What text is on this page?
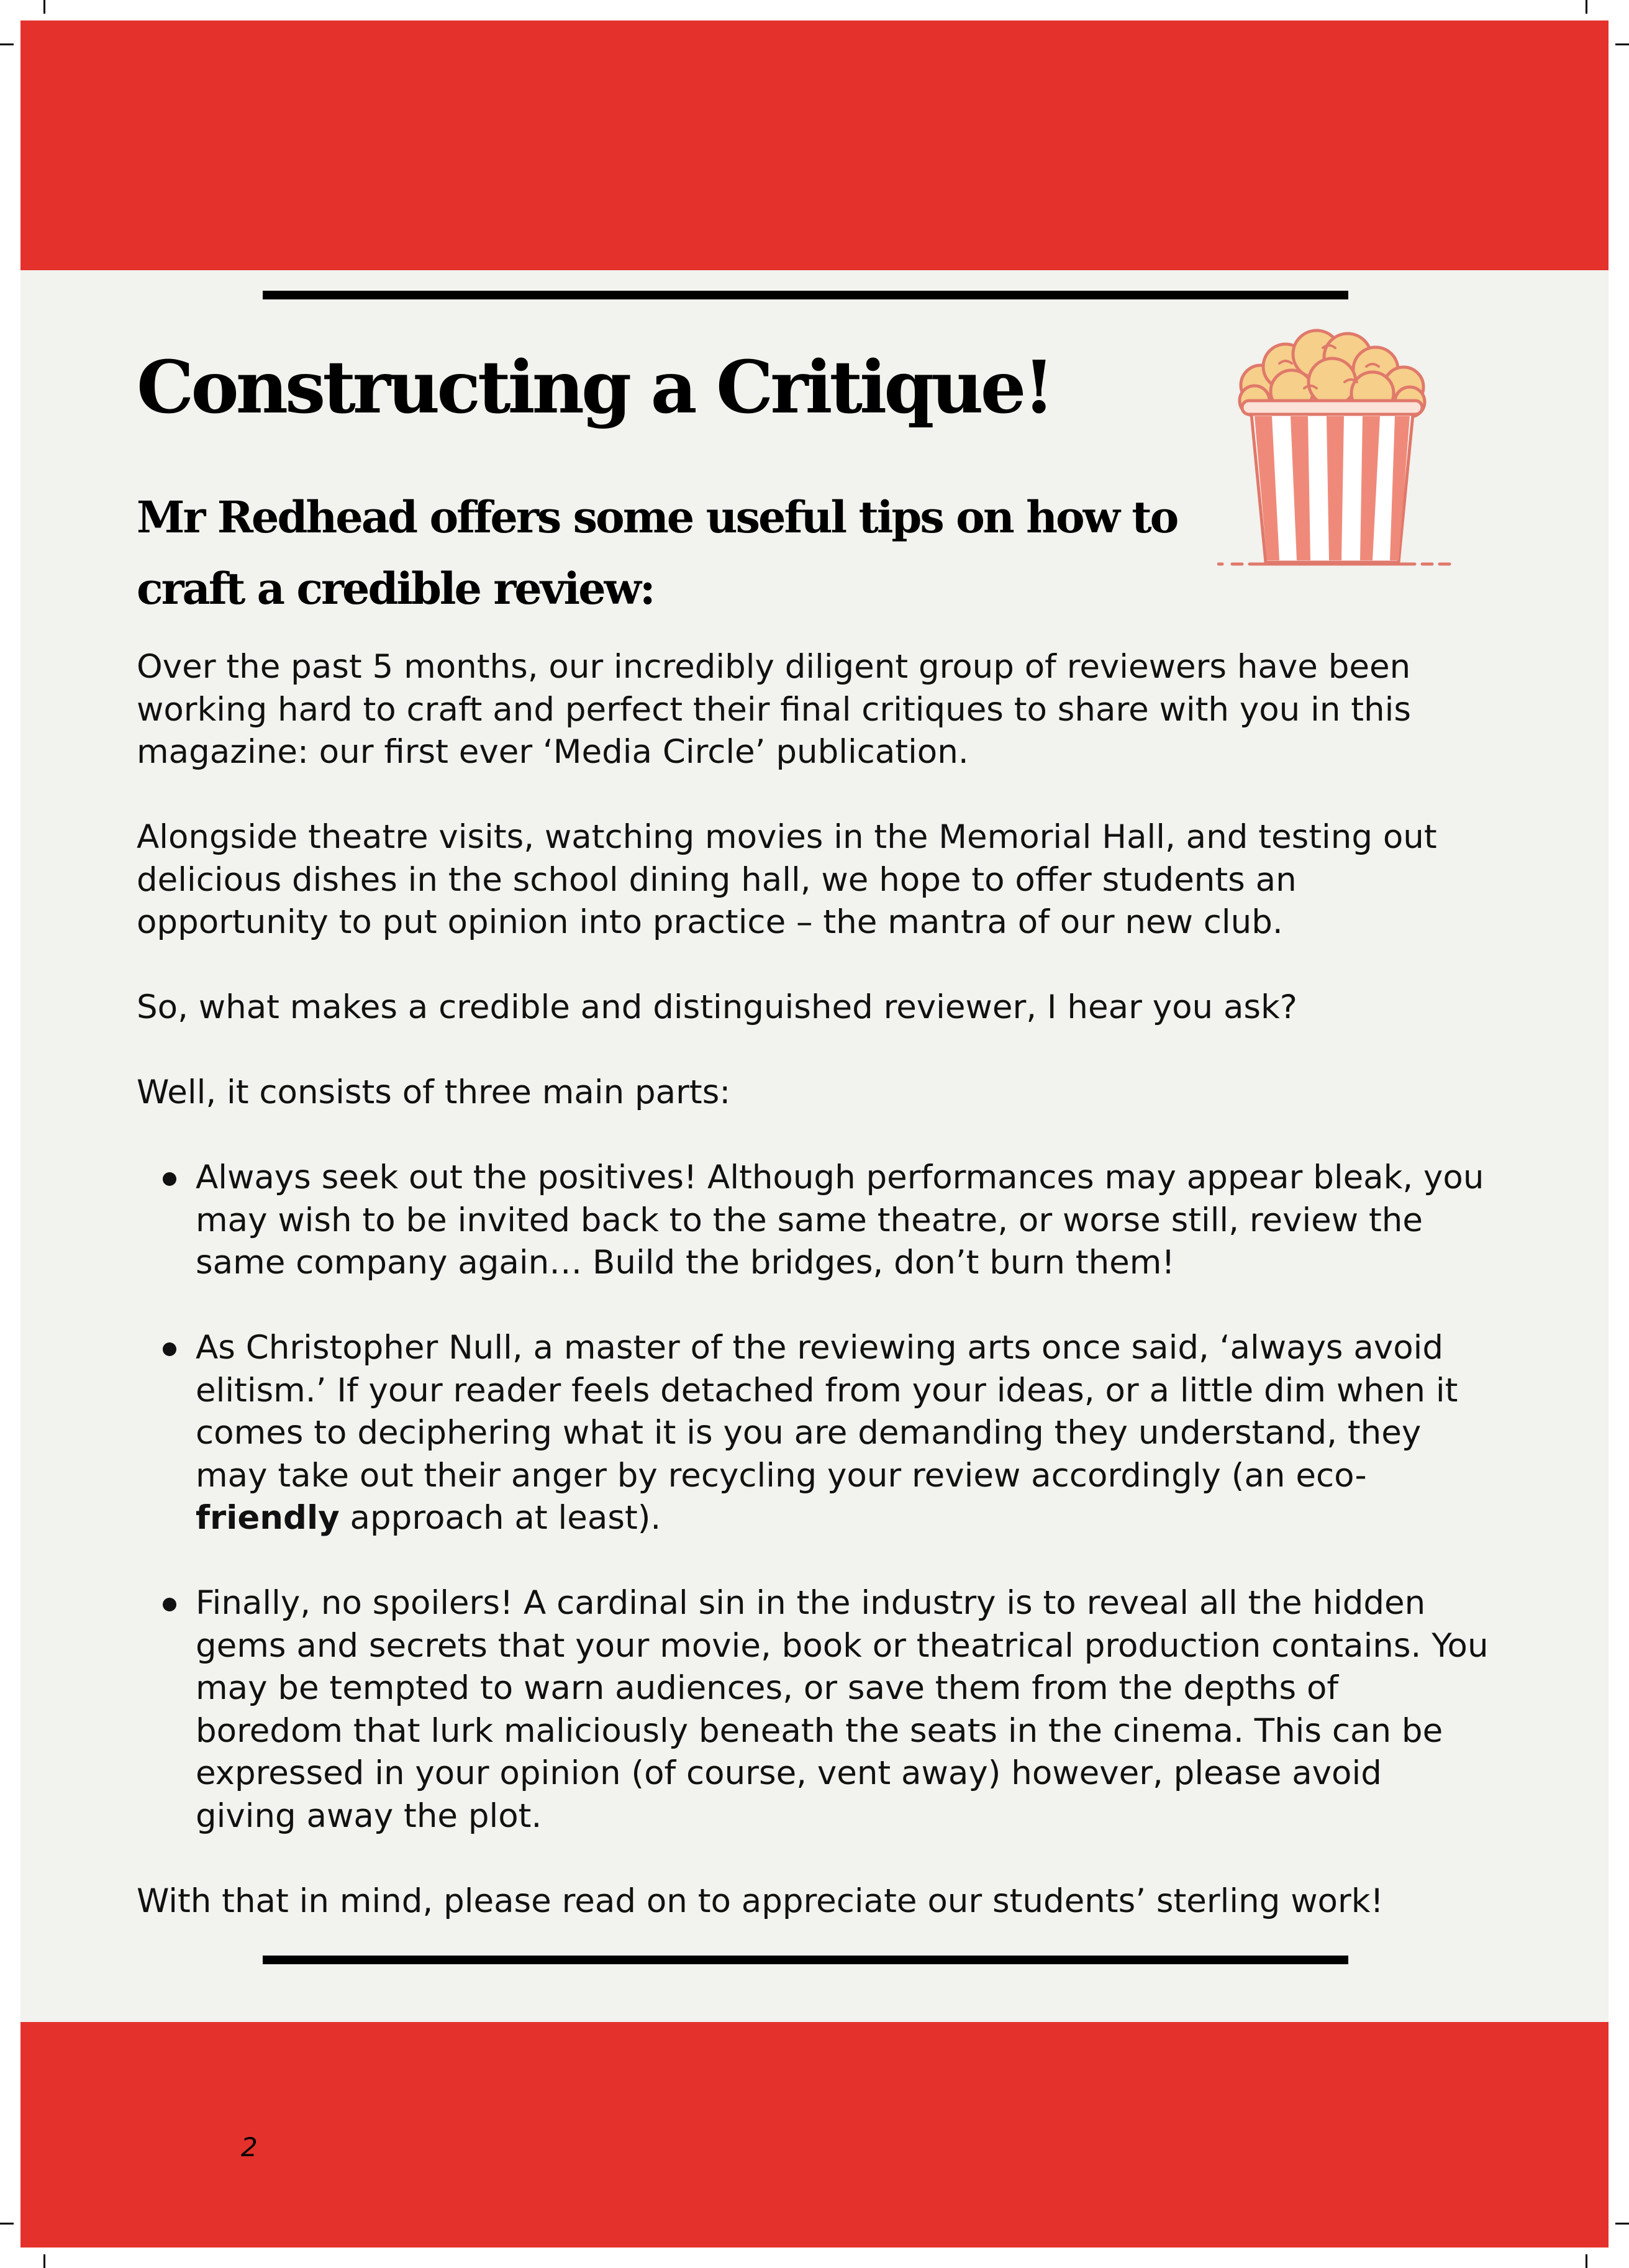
Constructing a Critique!
Mr Redhead offers some useful tips on how to craft a credible review:

Over the past 5 months, our incredibly diligent group of reviewers have been working hard to craft and perfect their final critiques to share with you in this magazine: our first ever ‘Media Circle’ publication.

Alongside theatre visits, watching movies in the Memorial Hall, and testing out delicious dishes in the school dining hall, we hope to offer students an opportunity to put opinion into practice – the mantra of our new club.

So, what makes a credible and distinguished reviewer, I hear you ask?

Well, it consists of three main parts:

Always seek out the positives! Although performances may appear bleak, you may wish to be invited back to the same theatre, or worse still, review the same company again… Build the bridges, don’t burn them!
As Christopher Null, a master of the reviewing arts once said, ‘always avoid elitism.’ If your reader feels detached from your ideas, or a little dim when it comes to deciphering what it is you are demanding they understand, they may take out their anger by recycling your review accordingly (an eco-friendly approach at least).
Finally, no spoilers! A cardinal sin in the industry is to reveal all the hidden gems and secrets that your movie, book or theatrical production contains. You may be tempted to warn audiences, or save them from the depths of boredom that lurk maliciously beneath the seats in the cinema. This can be expressed in your opinion (of course, vent away) however, please avoid giving away the plot.

With that in mind, please read on to appreciate our students’ sterling work!

2
